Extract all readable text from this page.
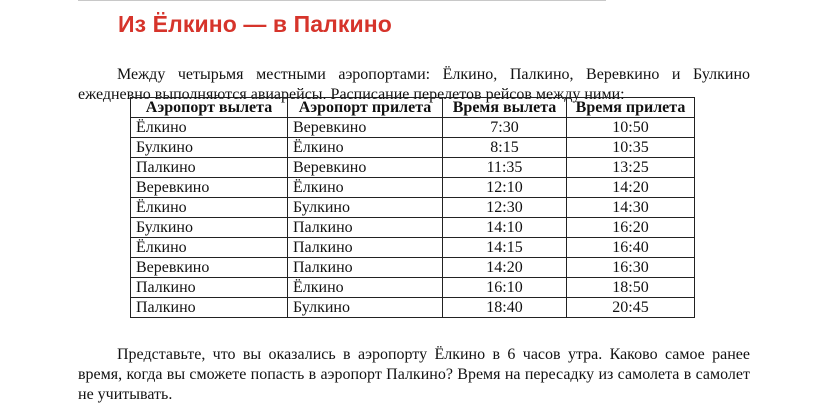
Из Ёлкино — в Палкино

Между четырьмя местными аэропортами: Ёлкино, Палкино, Веревкино и Булкино ежедневно выполняются авиарейсы. Расписание перелетов рейсов между ними:

Аэропорт вылета	Аэропорт прилета	Время вылета	Время прилета
Ёлкино	Веревкино	7:30	10:50
Булкино	Ёлкино	8:15	10:35
Палкино	Веревкино	11:35	13:25
Веревкино	Ёлкино	12:10	14:20
Ёлкино	Булкино	12:30	14:30
Булкино	Палкино	14:10	16:20
Ёлкино	Палкино	14:15	16:40
Веревкино	Палкино	14:20	16:30
Палкино	Ёлкино	16:10	18:50
Палкино	Булкино	18:40	20:45

Представьте, что вы оказались в аэропорту Ёлкино в 6 часов утра. Каково самое ранее время, когда вы сможете попасть в аэропорт Палкино? Время на пересадку из самолета в самолет не учитывать.
